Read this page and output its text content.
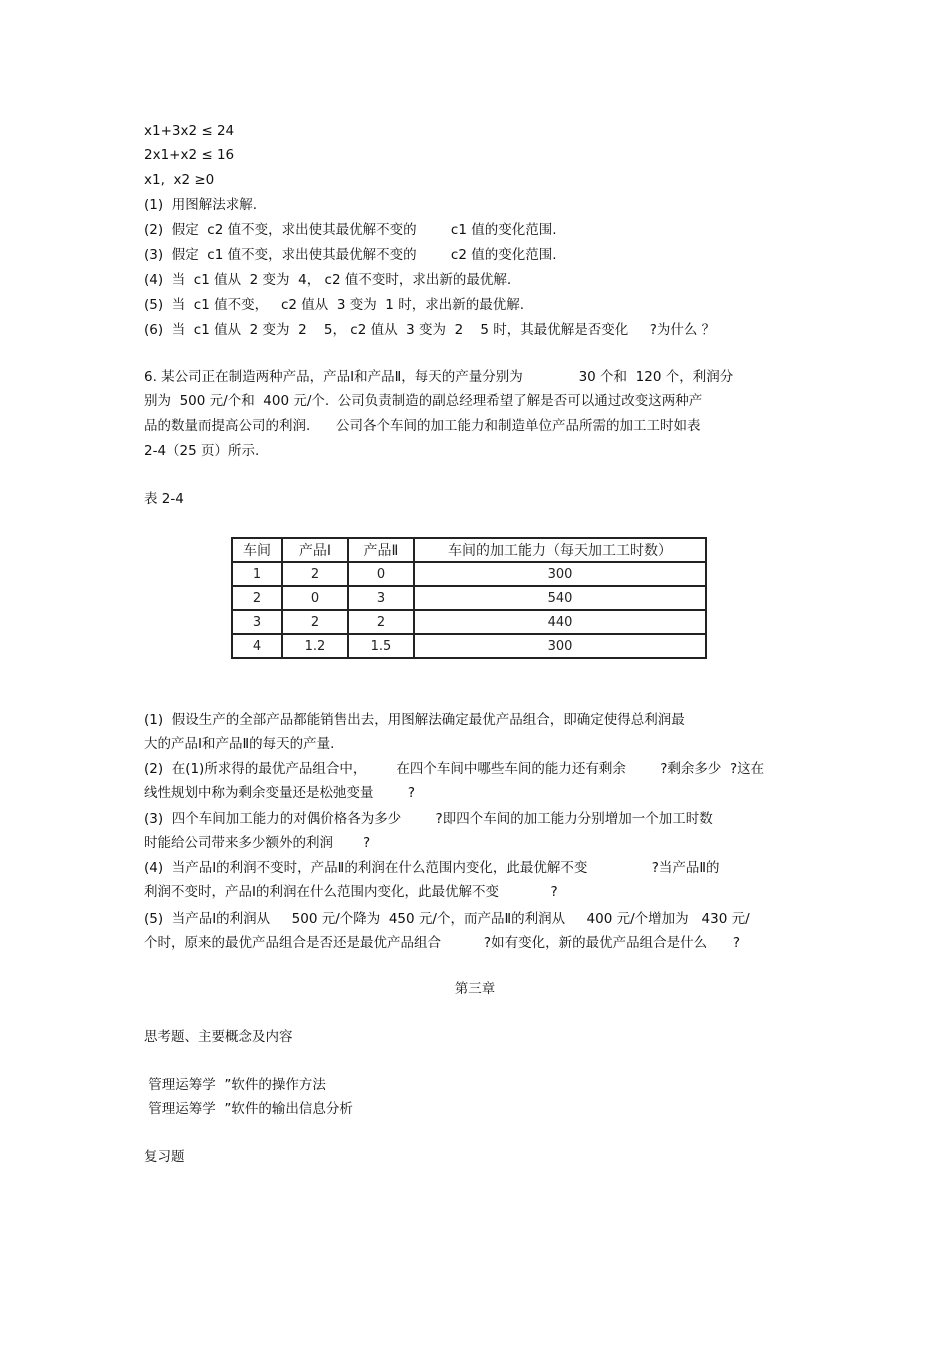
x1+3x2 ≤ 24
2x1+x2 ≤ 16
x1,  x2 ≥0
(1)  用图解法求解.
(2)  假定  c2 值不变，求出使其最优解不变的        c1 值的变化范围.
(3)  假定  c1 值不变，求出使其最优解不变的        c2 值的变化范围.
(4)  当  c1 值从  2 变为  4， c2 值不变时，求出新的最优解.
(5)  当  c1 值不变，   c2 值从  3 变为  1 时，求出新的最优解.
(6)  当  c1 值从  2 变为  2    5， c2 值从  3 变为  2    5 时，其最优解是否变化     ?为什么 ？
6. 某公司正在制造两种产品，产品Ⅰ和产品Ⅱ，每天的产量分别为             30 个和  120 个，利润分
别为  500 元/个和  400 元/个.  公司负责制造的副总经理希望了解是否可以通过改变这两种产
品的数量而提高公司的利润.      公司各个车间的加工能力和制造单位产品所需的加工工时如表
2-4（25 页）所示.
表 2-4
车间	产品Ⅰ	产品Ⅱ	车间的加工能力（每天加工工时数）
1	2	0	300
2	0	3	540
3	2	2	440
4	1.2	1.5	300
(1)  假设生产的全部产品都能销售出去，用图解法确定最优产品组合，即确定使得总利润最
大的产品Ⅰ和产品Ⅱ的每天的产量.
(2)  在(1)所求得的最优产品组合中，       在四个车间中哪些车间的能力还有剩余        ?剩余多少  ?这在
线性规划中称为剩余变量还是松弛变量        ?
(3)  四个车间加工能力的对偶价格各为多少        ?即四个车间的加工能力分别增加一个加工时数
时能给公司带来多少额外的利润       ?
(4)  当产品Ⅰ的利润不变时，产品Ⅱ的利润在什么范围内变化，此最优解不变               ?当产品Ⅱ的
利润不变时，产品Ⅰ的利润在什么范围内变化，此最优解不变            ?
(5)  当产品Ⅰ的利润从     500 元/个降为  450 元/个，而产品Ⅱ的利润从     400 元/个增加为   430 元/
个时，原来的最优产品组合是否还是最优产品组合          ?如有变化，新的最优产品组合是什么      ?
第三章
思考题、主要概念及内容
管理运筹学  ”软件的操作方法
管理运筹学  ”软件的输出信息分析
复习题
